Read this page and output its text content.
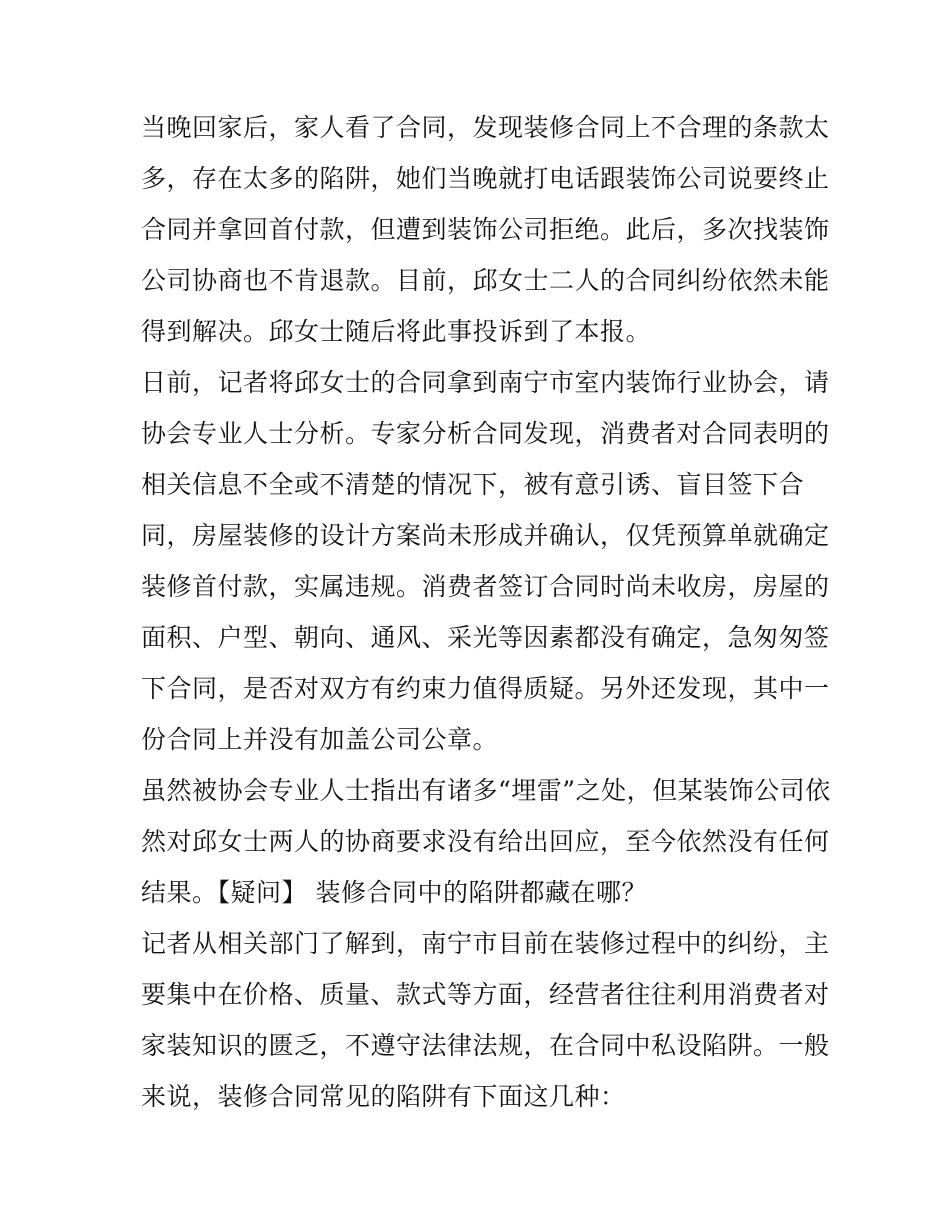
当晚回家后，家人看了合同，发现装修合同上不合理的条款太
多，存在太多的陷阱，她们当晚就打电话跟装饰公司说要终止
合同并拿回首付款，但遭到装饰公司拒绝。此后，多次找装饰
公司协商也不肯退款。目前，邱女士二人的合同纠纷依然未能
得到解决。邱女士随后将此事投诉到了本报。
日前，记者将邱女士的合同拿到南宁市室内装饰行业协会，请
协会专业人士分析。专家分析合同发现，消费者对合同表明的
相关信息不全或不清楚的情况下，被有意引诱、盲目签下合
同，房屋装修的设计方案尚未形成并确认，仅凭预算单就确定
装修首付款，实属违规。消费者签订合同时尚未收房，房屋的
面积、户型、朝向、通风、采光等因素都没有确定，急匆匆签
下合同，是否对双方有约束力值得质疑。另外还发现，其中一
份合同上并没有加盖公司公章。
虽然被协会专业人士指出有诸多“埋雷”之处，但某装饰公司依
然对邱女士两人的协商要求没有给出回应，至今依然没有任何
结果。【疑问】 装修合同中的陷阱都藏在哪？
记者从相关部门了解到，南宁市目前在装修过程中的纠纷，主
要集中在价格、质量、款式等方面，经营者往往利用消费者对
家装知识的匮乏，不遵守法律法规，在合同中私设陷阱。一般
来说，装修合同常见的陷阱有下面这几种：
